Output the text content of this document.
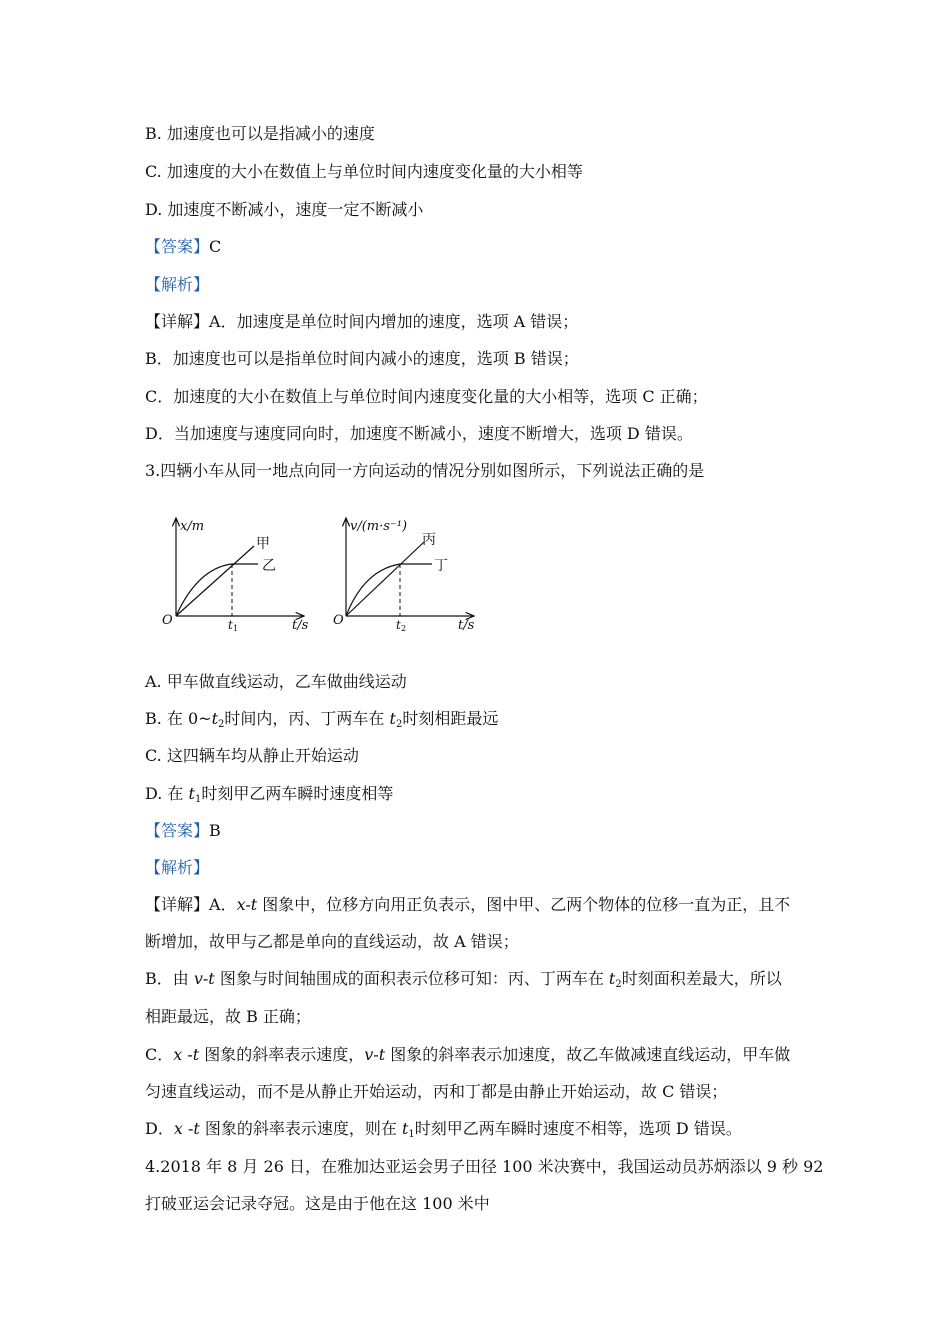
B. 加速度也可以是指减小的速度
C. 加速度的大小在数值上与单位时间内速度变化量的大小相等
D. 加速度不断减小，速度一定不断减小
【答案】C
【解析】
【详解】A．加速度是单位时间内增加的速度，选项 A 错误；
B．加速度也可以是指单位时间内减小的速度，选项 B 错误；
C．加速度的大小在数值上与单位时间内速度变化量的大小相等，选项 C 正确；
D．当加速度与速度同向时，加速度不断减小，速度不断增大，选项 D 错误。
3.四辆小车从同一地点向同一方向运动的情况分别如图所示，下列说法正确的是
x/m
t/s
O	t 1
甲
乙
v/(m·s⁻¹)
t/s
O	t 2
丙
丁
A. 甲车做直线运动，乙车做曲线运动
B. 在 $0\sim t_2$时间内，丙、丁两车在 $t_2$时刻相距最远
C. 这四辆车均从静止开始运动
D. 在 $t_1$时刻甲乙两车瞬时速度相等
【答案】B
【解析】
【详解】A．x-t 图象中，位移方向用正负表示，图中甲、乙两个物体的位移一直为正，且不
断增加，故甲与乙都是单向的直线运动，故 A 错误；
B．由 v-t 图象与时间轴围成的面积表示位移可知：丙、丁两车在 $t_2$时刻面积差最大，所以
相距最远，故 B 正确；
C．x -t 图象的斜率表示速度，v-t 图象的斜率表示加速度，故乙车做减速直线运动，甲车做
匀速直线运动，而不是从静止开始运动，丙和丁都是由静止开始运动，故 C 错误；
D．x -t 图象的斜率表示速度，则在 $t_1$时刻甲乙两车瞬时速度不相等，选项 D 错误。
4.2018 年 8 月 26 日，在雅加达亚运会男子田径 100 米决赛中，我国运动员苏炳添以 9 秒 92
打破亚运会记录夺冠。这是由于他在这 100 米中
